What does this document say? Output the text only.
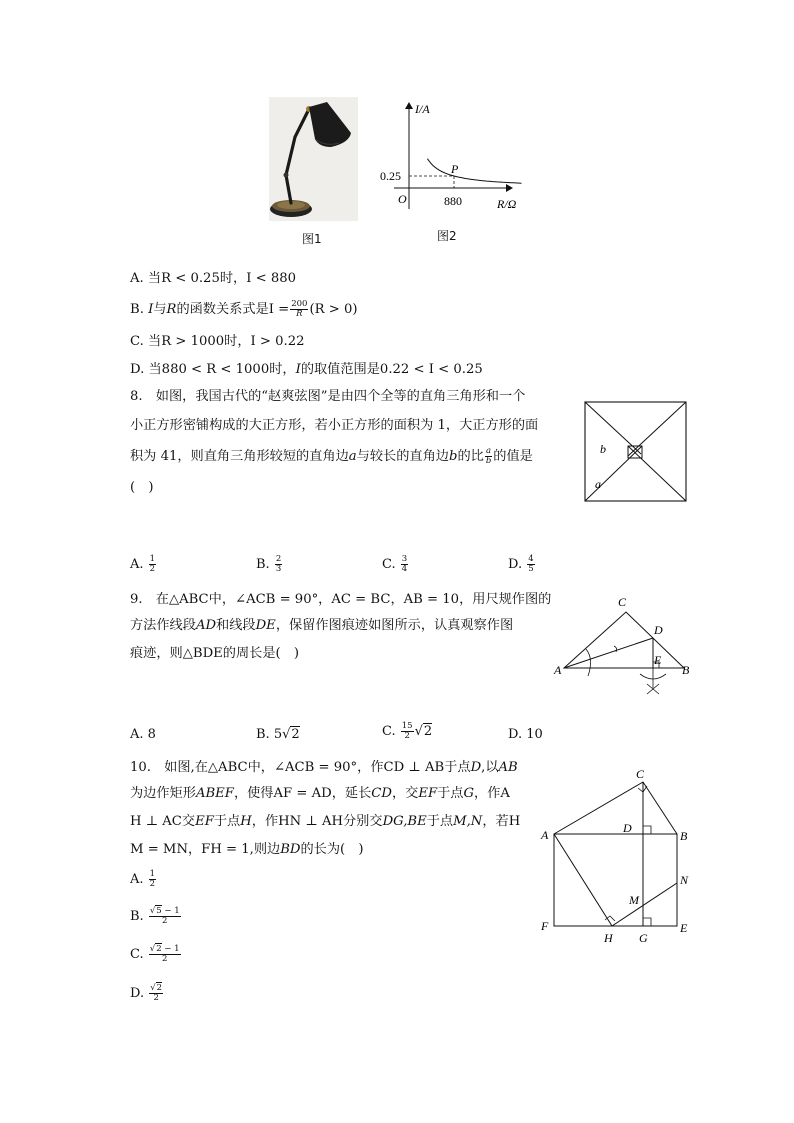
图1
I/A
R/Ω
O
P
0.25
880
图2
A. 当R < 0.25时，I < 880
B. I与R的函数关系式是$I = \frac{200}{R} (R > 0)$
C. 当R > 1000时，I > 0.22
D. 当880 < R < 1000时，I的取值范围是0.22 < I < 0.25
8.　如图，我国古代的“赵爽弦图”是由四个全等的直角三角形和一个
小正方形密铺构成的大正方形，若小正方形的面积为 1，大正方形的面
积为 41，则直角三角形较短的直角边a与较长的直角边b的比 $\frac{a}{b}$ 的值是
(　)
b
a
A. $\frac{1}{2}$	B. $\frac{2}{3}$	C. $\frac{3}{4}$	D. $\frac{4}{5}$
9.　在△ABC中，∠ACB = 90°，AC = BC，AB = 10，用尺规作图的
方法作线段AD和线段DE，保留作图痕迹如图所示，认真观察作图
痕迹，则△BDE的周长是(　)
C
A	B
D
E
A. 8	B. 5√2	C. $\frac{15}{2} √2$	D. 10
10.　如图,在△ABC中，∠ACB = 90°，作CD ⊥ AB于点D,以AB
为边作矩形ABEF，使得AF = AD，延长CD，交EF于点G，作A
H ⊥ AC交EF于点H，作HN ⊥ AH分别交DG,BE于点M,N，若H
M = MN，FH = 1,则边BD的长为(　)
C
A	D
B
N
M
F
H G
E
A. $\frac{1}{2}$
B. $\frac{√5 - 1}{2}$
C. $\frac{√2 - 1}{2}$
D. $\frac{√2}{2}$
